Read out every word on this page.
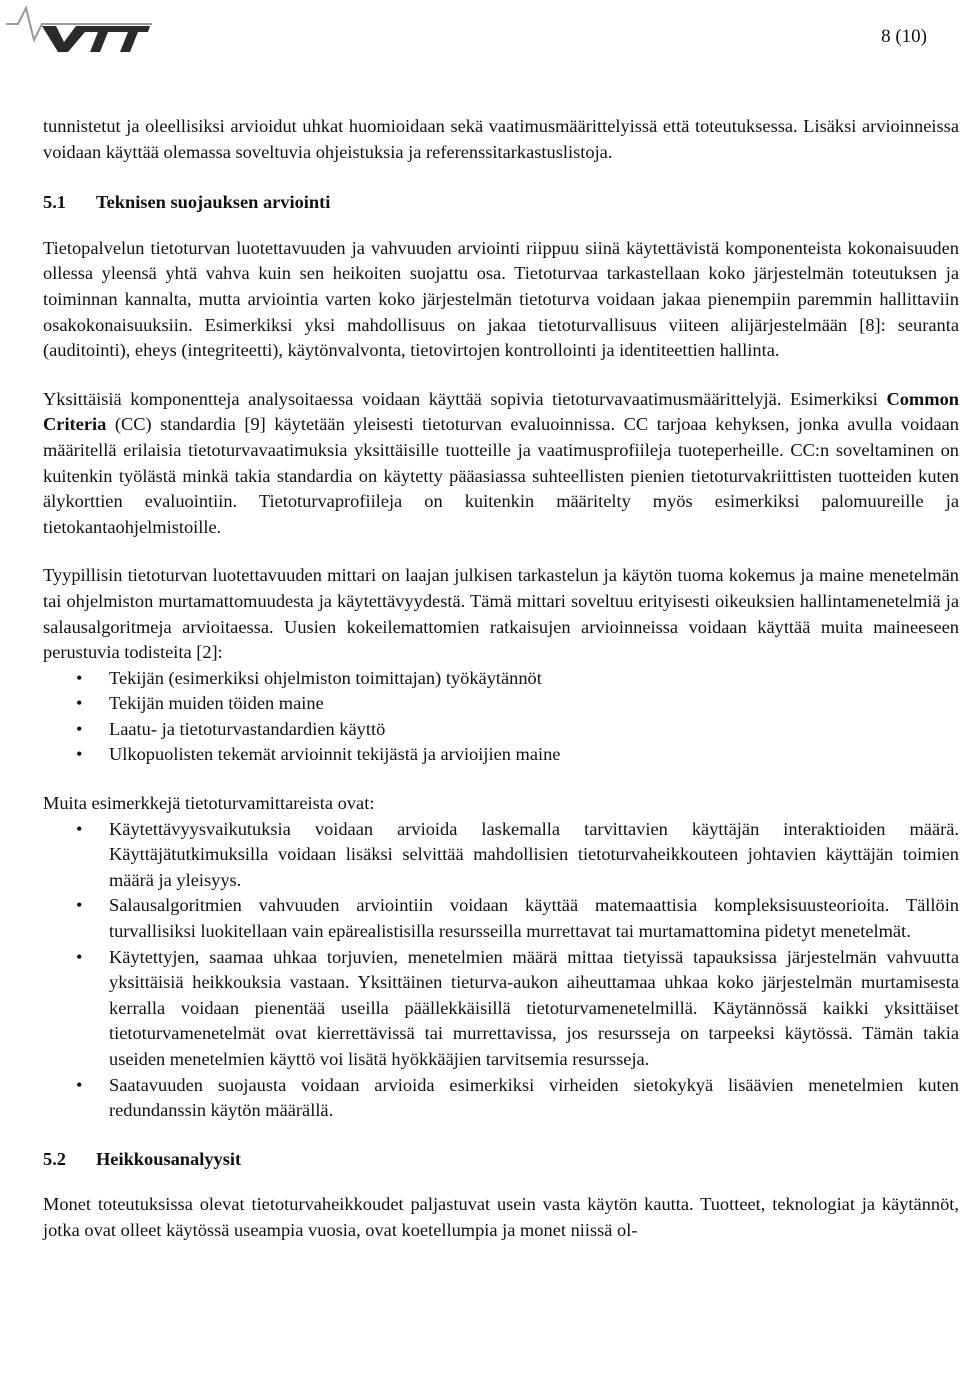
8 (10)

tunnistetut ja oleellisiksi arvioidut uhkat huomioidaan sekä vaatimusmäärittelyissä että toteutuksessa. Lisäksi arvioinneissa voidaan käyttää olemassa soveltuvia ohjeistuksia ja referenssitarkastuslistoja.

5.1 Teknisen suojauksen arviointi

Tietopalvelun tietoturvan luotettavuuden ja vahvuuden arviointi riippuu siinä käytettävistä komponenteista kokonaisuuden ollessa yleensä yhtä vahva kuin sen heikoiten suojattu osa. Tietoturvaa tarkastellaan koko järjestelmän toteutuksen ja toiminnan kannalta, mutta arviointia varten koko järjestelmän tietoturva voidaan jakaa pienempiin paremmin hallittaviin osakokonaisuuksiin. Esimerkiksi yksi mahdollisuus on jakaa tietoturvallisuus viiteen alijärjestelmään [8]: seuranta (auditointi), eheys (integriteetti), käytönvalvonta, tietovirtojen kontrollointi ja identiteettien hallinta.

Yksittäisiä komponentteja analysoitaessa voidaan käyttää sopivia tietoturvavaatimusmäärittelyjä. Esimerkiksi Common Criteria (CC) standardia [9] käytetään yleisesti tietoturvan evaluoinnissa. CC tarjoaa kehyksen, jonka avulla voidaan määritellä erilaisia tietoturvavaatimuksia yksittäisille tuotteille ja vaatimusprofiileja tuoteperheille. CC:n soveltaminen on kuitenkin työlästä minkä takia standardia on käytetty pääasiassa suhteellisten pienien tietoturvakriittisten tuotteiden kuten älykorttien evaluointiin. Tietoturvaprofiileja on kuitenkin määritelty myös esimerkiksi palomuureille ja tietokantaohjelmistoille.

Tyypillisin tietoturvan luotettavuuden mittari on laajan julkisen tarkastelun ja käytön tuoma kokemus ja maine menetelmän tai ohjelmiston murtamattomuudesta ja käytettävyydestä. Tämä mittari soveltuu erityisesti oikeuksien hallintamenetelmiä ja salausalgoritmeja arvioitaessa. Uusien kokeilemattomien ratkaisujen arvioinneissa voidaan käyttää muita maineeseen perustuvia todisteita [2]:

• Tekijän (esimerkiksi ohjelmiston toimittajan) työkäytännöt
• Tekijän muiden töiden maine
• Laatu- ja tietoturvastandardien käyttö
• Ulkopuolisten tekemät arvioinnit tekijästä ja arvioijien maine

Muita esimerkkejä tietoturvamittareista ovat:

• Käytettävyysvaikutuksia voidaan arvioida laskemalla tarvittavien käyttäjän interaktioiden määrä. Käyttäjätutkimuksilla voidaan lisäksi selvittää mahdollisien tietoturvaheikkouteen johtavien käyttäjän toimien määrä ja yleisyys.
• Salausalgoritmien vahvuuden arviointiin voidaan käyttää matemaattisia kompleksisuusteorioita. Tällöin turvallisiksi luokitellaan vain epärealistisilla resursseilla murrettavat tai murtamattomina pidetyt menetelmät.
• Käytettyjen, saamaa uhkaa torjuvien, menetelmien määrä mittaa tietyissä tapauksissa järjestelmän vahvuutta yksittäisiä heikkouksia vastaan. Yksittäinen tieturva-aukon aiheuttamaa uhkaa koko järjestelmän murtamisesta kerralla voidaan pienentää useilla päällekkäisillä tietoturvamenetelmillä. Käytännössä kaikki yksittäiset tietoturvamenetelmät ovat kierrettävissä tai murrettavissa, jos resursseja on tarpeeksi käytössä. Tämän takia useiden menetelmien käyttö voi lisätä hyökkääjien tarvitsemia resursseja.
• Saatavuuden suojausta voidaan arvioida esimerkiksi virheiden sietokykyä lisäävien menetelmien kuten redundanssin käytön määrällä.
5.2 Heikkousanalyysit

Monet toteutuksissa olevat tietoturvaheikkoudet paljastuvat usein vasta käytön kautta. Tuotteet, teknologiat ja käytännöt, jotka ovat olleet käytössä useampia vuosia, ovat koetellumpia ja monet niissä ol-
